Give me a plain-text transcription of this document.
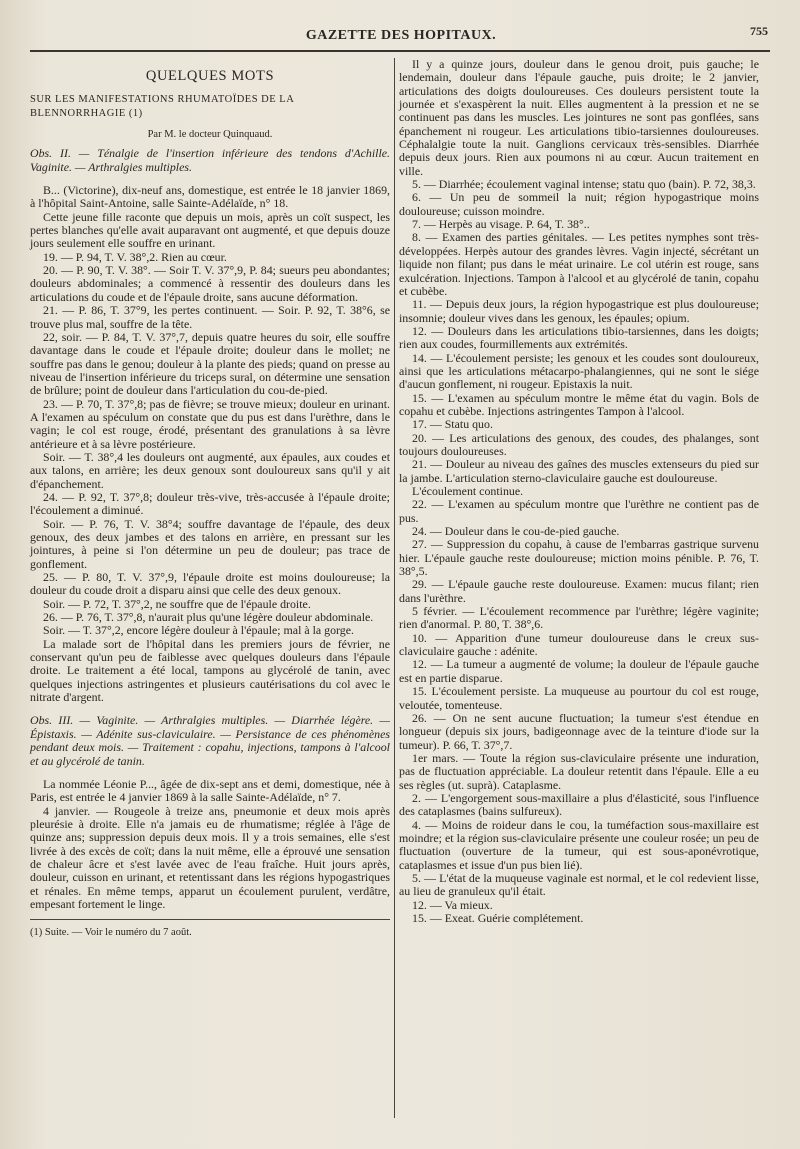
GAZETTE DES HOPITAUX.	755

QUELQUES MOTS

SUR LES MANIFESTATIONS RHUMATOÏDES DE LA BLENNORRHAGIE (1)

Par M. le docteur Quinquaud.

Obs. II. — Ténalgie de l'insertion inférieure des tendons d'Achille. Vaginite. — Arthralgies multiples.

B... (Victorine), dix-neuf ans, domestique, est entrée le 18 janvier 1869, à l'hôpital Saint-Antoine, salle Sainte-Adélaïde, n° 18.

Cette jeune fille raconte que depuis un mois, après un coït suspect, les pertes blanches qu'elle avait auparavant ont augmenté, et que depuis douze jours seulement elle souffre en urinant.

19. — P. 94, T. V. 38°,2. Rien au cœur.

20. — P. 90, T. V. 38°. — Soir T. V. 37°,9, P. 84; sueurs peu abondantes; douleurs abdominales; a commencé à ressentir des douleurs dans les articulations du coude et de l'épaule droite, sans aucune déformation.

21. — P. 86, T. 37°9, les pertes continuent. — Soir. P. 92, T. 38°6, se trouve plus mal, souffre de la tête.

22, soir. — P. 84, T. V. 37°,7, depuis quatre heures du soir, elle souffre davantage dans le coude et l'épaule droite; douleur dans le mollet; ne souffre pas dans le genou; douleur à la plante des pieds; quand on presse au niveau de l'insertion inférieure du triceps sural, on détermine une sensation de brûlure; point de douleur dans l'articulation du cou-de-pied.

23. — P. 70, T. 37°,8; pas de fièvre; se trouve mieux; douleur en urinant. A l'examen au spéculum on constate que du pus est dans l'urèthre, dans le vagin; le col est rouge, érodé, présentant des granulations à sa lèvre antérieure et à sa lèvre postérieure.

Soir. — T. 38°,4 les douleurs ont augmenté, aux épaules, aux coudes et aux talons, en arrière; les deux genoux sont douloureux sans qu'il y ait d'épanchement.

24. — P. 92, T. 37°,8; douleur très-vive, très-accusée à l'épaule droite; l'écoulement a diminué.

Soir. — P. 76, T. V. 38°4; souffre davantage de l'épaule, des deux genoux, des deux jambes et des talons en arrière, en pressant sur les jointures, à peine si l'on détermine un peu de douleur; pas trace de gonflement.

25. — P. 80, T. V. 37°,9, l'épaule droite est moins douloureuse; la douleur du coude droit a disparu ainsi que celle des deux genoux.

Soir. — P. 72, T. 37°,2, ne souffre que de l'épaule droite.

26. — P. 76, T. 37°,8, n'aurait plus qu'une légère douleur abdominale.

Soir. — T. 37°,2, encore légère douleur à l'épaule; mal à la gorge.

La malade sort de l'hôpital dans les premiers jours de février, ne conservant qu'un peu de faiblesse avec quelques douleurs dans l'épaule droite. Le traitement a été local, tampons au glycérolé de tanin, avec quelques injections astringentes et plusieurs cautérisations du col avec le nitrate d'argent.

Obs. III. — Vaginite. — Arthralgies multiples. — Diarrhée légère. — Épistaxis. — Adénite sus-claviculaire. — Persistance de ces phénomènes pendant deux mois. — Traitement : copahu, injections, tampons à l'alcool et au glycérolé de tanin.

La nommée Léonie P..., âgée de dix-sept ans et demi, domestique, née à Paris, est entrée le 4 janvier 1869 à la salle Sainte-Adélaïde, n° 7.

4 janvier. — Rougeole à treize ans, pneumonie et deux mois après pleurésie à droite. Elle n'a jamais eu de rhumatisme; réglée à l'âge de quinze ans; suppression depuis deux mois. Il y a trois semaines, elle s'est livrée à des excès de coït; dans la nuit même, elle a éprouvé une sensation de chaleur âcre et s'est lavée avec de l'eau fraîche. Huit jours après, douleur, cuisson en urinant, et retentissant dans les régions hypogastriques et rénales. En même temps, apparut un écoulement purulent, verdâtre, empesant fortement le linge.

(1) Suite. — Voir le numéro du 7 août.

Il y a quinze jours, douleur dans le genou droit, puis gauche; le lendemain, douleur dans l'épaule gauche, puis droite; le 2 janvier, articulations des doigts douloureuses. Ces douleurs persistent toute la journée et s'exaspèrent la nuit. Elles augmentent à la pression et ne se continuent pas dans les muscles. Les jointures ne sont pas gonflées, sans épanchement ni rougeur. Les articulations tibio-tarsiennes douloureuses. Céphalalgie toute la nuit. Ganglions cervicaux très-sensibles. Diarrhée depuis deux jours. Rien aux poumons ni au cœur. Aucun traitement en ville.

5. — Diarrhée; écoulement vaginal intense; statu quo (bain). P. 72, 38,3.

6. — Un peu de sommeil la nuit; région hypogastrique moins douloureuse; cuisson moindre.

7. — Herpès au visage. P. 64, T. 38°..

8. — Examen des parties génitales. — Les petites nymphes sont très-développées. Herpès autour des grandes lèvres. Vagin injecté, sécrétant un liquide non filant; pus dans le méat urinaire. Le col utérin est rouge, sans exulcération. Injections. Tampon à l'alcool et au glycérolé de tanin, copahu et cubèbe.

11. — Depuis deux jours, la région hypogastrique est plus douloureuse; insomnie; douleur vives dans les genoux, les épaules; opium.

12. — Douleurs dans les articulations tibio-tarsiennes, dans les doigts; rien aux coudes, fourmillements aux extrémités.

14. — L'écoulement persiste; les genoux et les coudes sont douloureux, ainsi que les articulations métacarpo-phalangiennes, qui ne sont le siége d'aucun gonflement, ni rougeur. Epistaxis la nuit.

15. — L'examen au spéculum montre le même état du vagin. Bols de copahu et cubèbe. Injections astringentes Tampon à l'alcool.

17. — Statu quo.

20. — Les articulations des genoux, des coudes, des phalanges, sont toujours douloureuses.

21. — Douleur au niveau des gaînes des muscles extenseurs du pied sur la jambe. L'articulation sterno-claviculaire gauche est douloureuse.

L'écoulement continue.

22. — L'examen au spéculum montre que l'urèthre ne contient pas de pus.

24. — Douleur dans le cou-de-pied gauche.

27. — Suppression du copahu, à cause de l'embarras gastrique survenu hier. L'épaule gauche reste douloureuse; miction moins pénible. P. 76, T. 38°,5.

29. — L'épaule gauche reste douloureuse. Examen: mucus filant; rien dans l'urèthre.

5 février. — L'écoulement recommence par l'urèthre; légère vaginite; rien d'anormal. P. 80, T. 38°,6.

10. — Apparition d'une tumeur douloureuse dans le creux sus-claviculaire gauche : adénite.

12. — La tumeur a augmenté de volume; la douleur de l'épaule gauche est en partie disparue.

15. L'écoulement persiste. La muqueuse au pourtour du col est rouge, veloutée, tomenteuse.

26. — On ne sent aucune fluctuation; la tumeur s'est étendue en longueur (depuis six jours, badigeonnage avec de la teinture d'iode sur la tumeur). P. 66, T. 37°,7.

1er mars. — Toute la région sus-claviculaire présente une induration, pas de fluctuation appréciable. La douleur retentit dans l'épaule. Elle a eu ses règles (ut. suprà). Cataplasme.

2. — L'engorgement sous-maxillaire a plus d'élasticité, sous l'influence des cataplasmes (bains sulfureux).

4. — Moins de roideur dans le cou, la tuméfaction sous-maxillaire est moindre; et la région sus-claviculaire présente une couleur rosée; un peu de fluctuation (ouverture de la tumeur, qui est sous-aponévrotique, cataplasmes et issue d'un pus bien lié).

5. — L'état de la muqueuse vaginale est normal, et le col redevient lisse, au lieu de granuleux qu'il était.

12. — Va mieux.

15. — Exeat. Guérie complétement.
